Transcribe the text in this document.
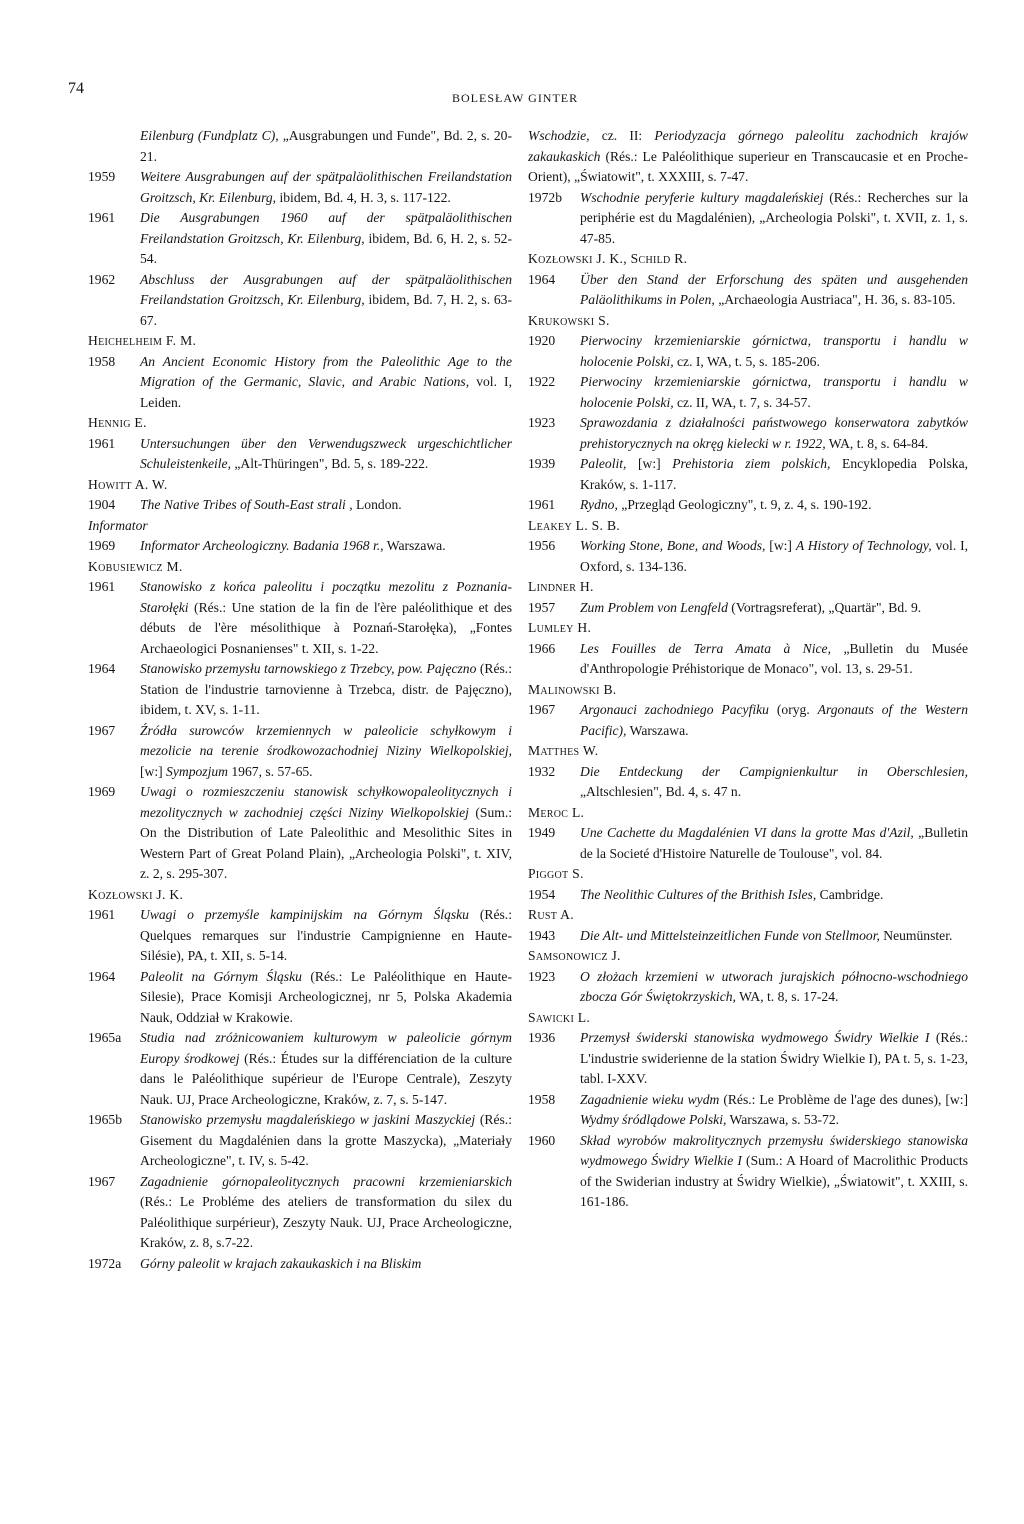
74
BOLESŁAW GINTER
Eilenburg (Fundplatz C), „Ausgrabungen und Funde", Bd. 2, s. 20-21.
1959	Weitere Ausgrabungen auf der spätpaläolithischen Freilandstation Groitzsch, Kr. Eilenburg, ibidem, Bd. 4, H. 3, s. 117-122.
1961	Die Ausgrabungen 1960 auf der spätpaläolithischen Freilandstation Groitzsch, Kr. Eilenburg, ibidem, Bd. 6, H. 2, s. 52-54.
1962	Abschluss der Ausgrabungen auf der spätpaläolithischen Freilandstation Groitzsch, Kr. Eilenburg, ibidem, Bd. 7, H. 2, s. 63-67.
Heichelheim F. M.
1958	An Ancient Economic History from the Paleolithic Age to the Migration of the Germanic, Slavic, and Arabic Nations, vol. I, Leiden.
Hennig E.
1961	Untersuchungen über den Verwendugszweck urgeschichtlicher Schuleistenkeile, „Alt-Thüringen", Bd. 5, s. 189-222.
Howitt A. W.
1904	The Native Tribes of South-East strali , London.
Informator
1969	Informator Archeologiczny. Badania 1968 r., Warszawa.
Kobusiewicz M.
1961	Stanowisko z końca paleolitu i początku mezolitu z Poznania-Starołęki (Rés.: Une station de la fin de l'ère paléolithique et des débuts de l'ère mésolithique à Poznań-Starołęka), „Fontes Archaeologici Posnanienses" t. XII, s. 1-22.
1964	Stanowisko przemysłu tarnowskiego z Trzebcy, pow. Pajęczno (Rés.: Station de l'industrie tarnovienne à Trzebca, distr. de Pajęczno), ibidem, t. XV, s. 1-11.
1967	Źródła surowców krzemiennych w paleolicie schyłkowym i mezolicie na terenie środkowozachodniej Niziny Wielkopolskiej, [w:] Sympozjum 1967, s. 57-65.
1969	Uwagi o rozmieszczeniu stanowisk schyłkowopaleolitycznych i mezolitycznych w zachodniej części Niziny Wielkopolskiej (Sum.: On the Distribution of Late Paleolithic and Mesolithic Sites in Western Part of Great Poland Plain), „Archeologia Polski", t. XIV, z. 2, s. 295-307.
Kozłowski J. K.
1961	Uwagi o przemyśle kampinijskim na Górnym Śląsku (Rés.: Quelques remarques sur l'industrie Campignienne en Haute-Silésie), PA, t. XII, s. 5-14.
1964	Paleolit na Górnym Śląsku (Rés.: Le Paléolithique en Haute-Silesie), Prace Komisji Archeologicznej, nr 5, Polska Akademia Nauk, Oddział w Krakowie.
1965a	Studia nad zróżnicowaniem kulturowym w paleolicie górnym Europy środkowej (Rés.: Études sur la différenciation de la culture dans le Paléolithique supérieur de l'Europe Centrale), Zeszyty Nauk. UJ, Prace Archeologiczne, Kraków, z. 7, s. 5-147.
1965b	Stanowisko przemysłu magdaleńskiego w jaskini Maszyckiej (Rés.: Gisement du Magdalénien dans la grotte Maszycka), „Materiały Archeologiczne", t. IV, s. 5-42.
1967	Zagadnienie górnopaleolitycznych pracowni krzemieniarskich (Rés.: Le Probléme des ateliers de transformation du silex du Paléolithique surpérieur), Zeszyty Nauk. UJ, Prace Archeologiczne, Kraków, z. 8, s.7-22.
1972a	Górny paleolit w krajach zakaukaskich i na Bliskim
Wschodzie, cz. II: Periodyzacja górnego paleolitu zachodnich krajów zakaukaskich (Rés.: Le Paléolithique superieur en Transcaucasie et en Proche-Orient), „Światowit", t. XXXIII, s. 7-47.
1972b	Wschodnie peryferie kultury magdaleńskiej (Rés.: Recherches sur la periphérie est du Magdalénien), „Archeologia Polski", t. XVII, z. 1, s. 47-85.
Kozłowski J. K., Schild R.
1964	Über den Stand der Erforschung des späten und ausgehenden Paläolithikums in Polen, „Archaeologia Austriaca", H. 36, s. 83-105.
Krukowski S.
1920	Pierwociny krzemieniarskie górnictwa, transportu i handlu w holocenie Polski, cz. I, WA, t. 5, s. 185-206.
1922	Pierwociny krzemieniarskie górnictwa, transportu i handlu w holocenie Polski, cz. II, WA, t. 7, s. 34-57.
1923	Sprawozdania z działalności państwowego konserwatora zabytków prehistorycznych na okręg kielecki w r. 1922, WA, t. 8, s. 64-84.
1939	Paleolit, [w:] Prehistoria ziem polskich, Encyklopedia Polska, Kraków, s. 1-117.
1961	Rydno, „Przegląd Geologiczny", t. 9, z. 4, s. 190-192.
Leakey L. S. B.
1956	Working Stone, Bone, and Woods, [w:] A History of Technology, vol. I, Oxford, s. 134-136.
Lindner H.
1957	Zum Problem von Lengfeld (Vortragsreferat), „Quartär", Bd. 9.
Lumley H.
1966	Les Fouilles de Terra Amata à Nice, „Bulletin du Musée d'Anthropologie Préhistorique de Monaco", vol. 13, s. 29-51.
Malinowski B.
1967	Argonauci zachodniego Pacyfiku (oryg. Argonauts of the Western Pacific), Warszawa.
Matthes W.
1932	Die Entdeckung der Campignienkultur in Oberschlesien, „Altschlesien", Bd. 4, s. 47 n.
Meroc L.
1949	Une Cachette du Magdalénien VI dans la grotte Mas d'Azil, „Bulletin de la Societé d'Histoire Naturelle de Toulouse", vol. 84.
Piggot S.
1954	The Neolithic Cultures of the Brithish Isles, Cambridge.
Rust A.
1943	Die Alt- und Mittelsteinzeitlichen Funde von Stellmoor, Neumünster.
Samsonowicz J.
1923	O złożach krzemieni w utworach jurajskich północno-wschodniego zbocza Gór Świętokrzyskich, WA, t. 8, s. 17-24.
Sawicki L.
1936	Przemysł świderski stanowiska wydmowego Świdry Wielkie I (Rés.: L'industrie swiderienne de la station Świdry Wielkie I), PA t. 5, s. 1-23, tabl. I-XXV.
1958	Zagadnienie wieku wydm (Rés.: Le Problème de l'age des dunes), [w:] Wydmy śródlądowe Polski, Warszawa, s. 53-72.
1960	Skład wyrobów makrolitycznych przemysłu świderskiego stanowiska wydmowego Świdry Wielkie I (Sum.: A Hoard of Macrolithic Products of the Swiderian industry at Świdry Wielkie), „Światowit", t. XXIII, s. 161-186.
